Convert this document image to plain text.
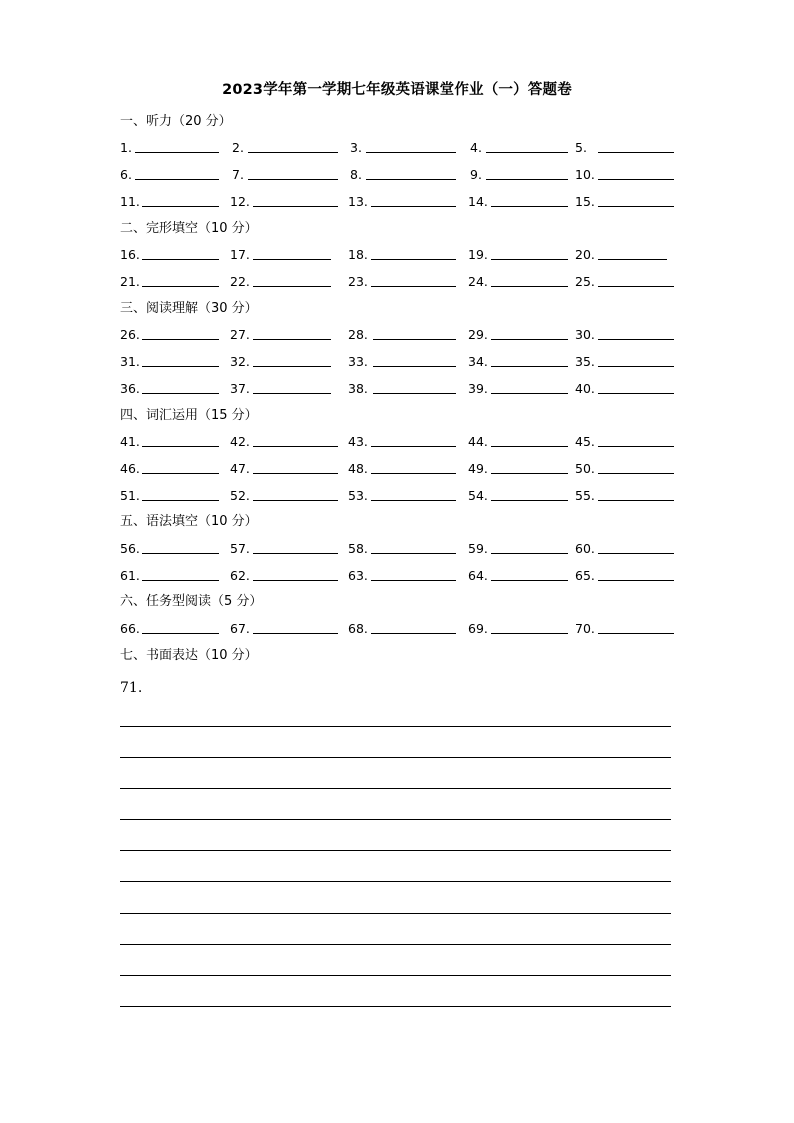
2023学年第一学期七年级英语课堂作业（一）答题卷
一、听力（20 分）
1.	2.	3.	4.	5.
6.	7.	8.	9.	10.
11.	12.	13.	14.	15.
二、完形填空（10 分）
16.	17.	18.	19.	20.
21.	22.	23.	24.	25.
三、阅读理解（30 分）
26.	27.	28.	29.	30.
31.	32.	33.	34.	35.
36.	37.	38.	39.	40.
四、词汇运用（15 分）
41.	42.	43.	44.	45.
46.	47.	48.	49.	50.
51.	52.	53.	54.	55.
五、语法填空（10 分）
56.	57.	58.	59.	60.
61.	62.	63.	64.	65.
六、任务型阅读（5 分）
66.	67.	68.	69.	70.
七、书面表达（10 分）
71.
